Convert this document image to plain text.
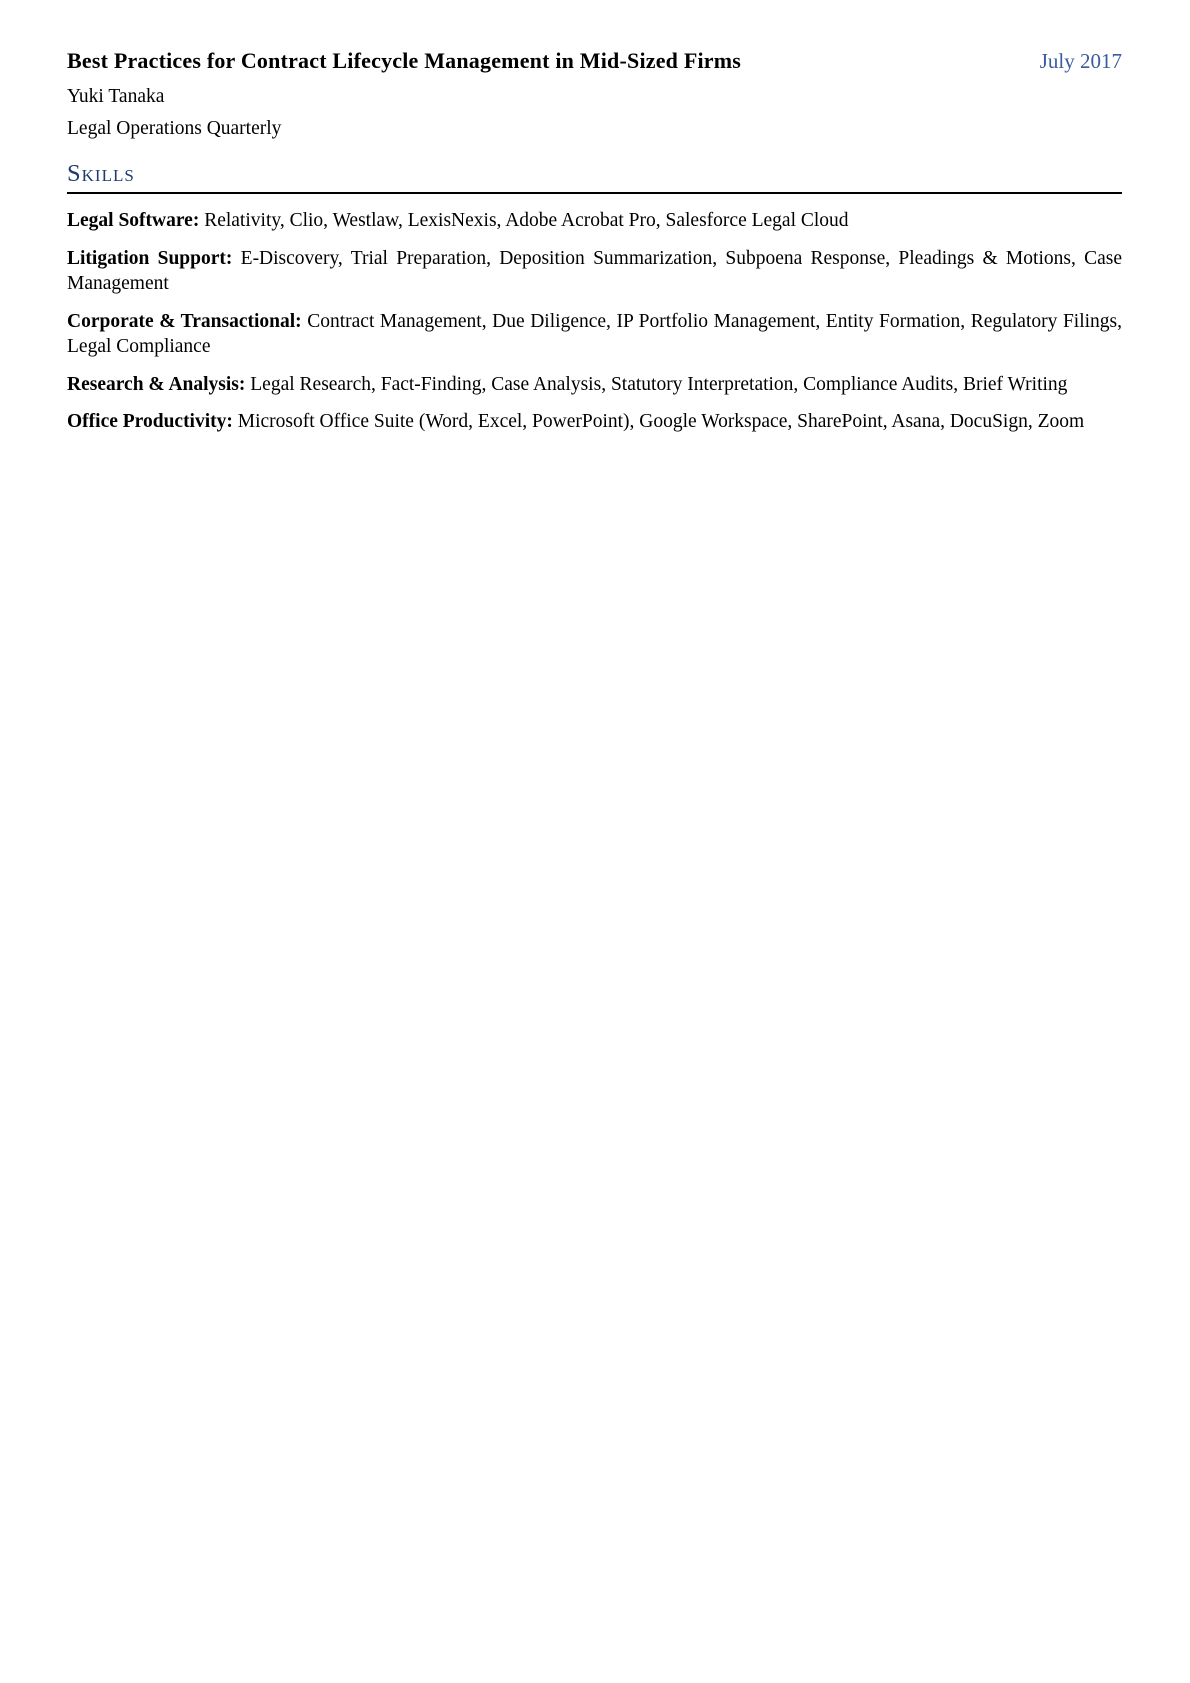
Best Practices for Contract Lifecycle Management in Mid-Sized Firms	July 2017
Yuki Tanaka
Legal Operations Quarterly
Skills

Legal Software: Relativity, Clio, Westlaw, LexisNexis, Adobe Acrobat Pro, Salesforce Legal Cloud

Litigation Support: E-Discovery, Trial Preparation, Deposition Summarization, Subpoena Response, Pleadings & Motions, Case Management

Corporate & Transactional: Contract Management, Due Diligence, IP Portfolio Management, Entity Formation, Regulatory Filings, Legal Compliance

Research & Analysis: Legal Research, Fact-Finding, Case Analysis, Statutory Interpretation, Compliance Audits, Brief Writing

Office Productivity: Microsoft Office Suite (Word, Excel, PowerPoint), Google Workspace, SharePoint, Asana, DocuSign, Zoom
